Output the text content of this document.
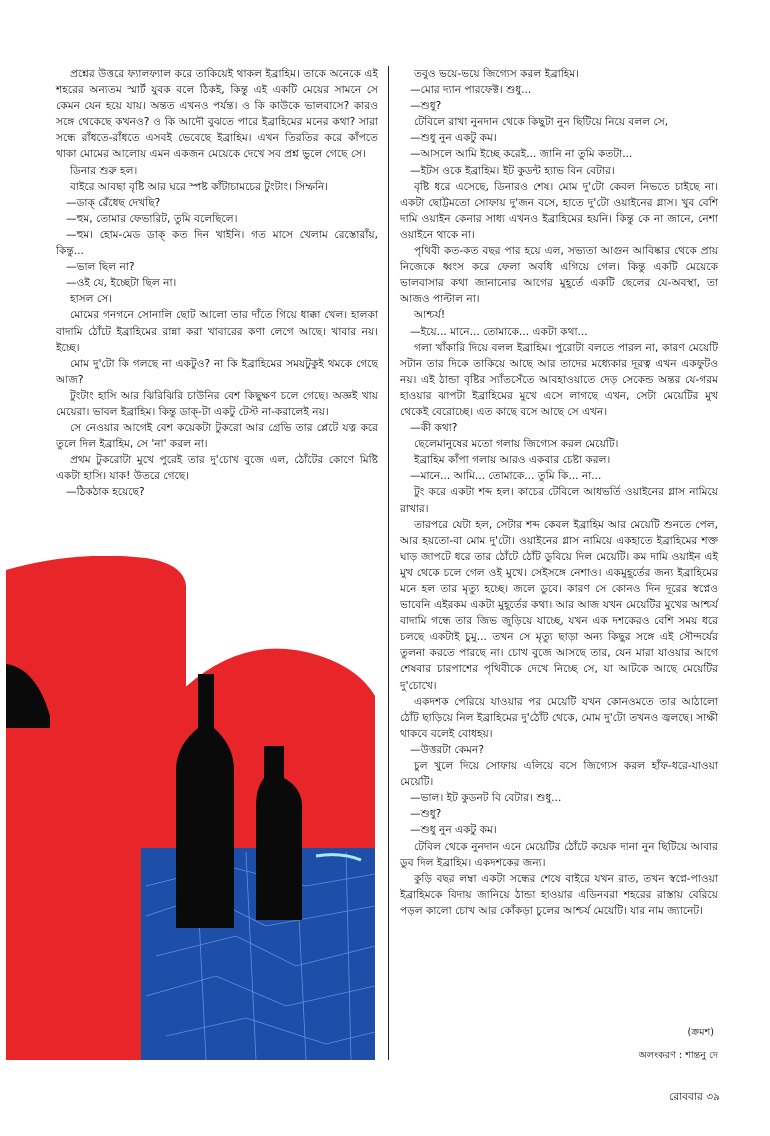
প্রশ্নের উত্তরে ফ্যালফ্যাল করে তাকিয়েই থাকল ইব্রাহিম। তাকে অনেকে এই শহরের অন্যতম স্মার্ট যুবক বলে ঠিকই, কিন্তু এই একটি মেয়ের সামনে সে কেমন যেন হয়ে যায়। অন্তত এখনও পর্যন্ত। ও কি কাউকে ভালবাসে? কারও সঙ্গে থেকেছে কখনও? ও কি আদৌ বুঝতে পারে ইব্রাহিমের মনের কথা? সারা সন্ধে রাঁধতে-রাঁধতে এসবই ভেবেছে ইব্রাহিম। এখন তিরতির করে কাঁপতে থাকা মোমের আলোয় এমন একজন মেয়েকে দেখে সব প্রশ্ন ভুলে গেছে সে।

ডিনার শুরু হল।

বাইরে আবছা বৃষ্টি আর ঘরে স্পষ্ট কাঁটাচামচের টুংটাং। সিম্ফনি।

—ডাক্ রেঁধেছ দেখছি?

—হুম, তোমার ফেভারিট, তুমি বলেছিলে।

—হুম। হোম-মেড ডাক্ কত দিন খাইনি। গত মাসে খেলাম রেস্তোরাঁয়, কিন্তু...

—ভাল ছিল না?

—ওই যে, ইচ্ছেটা ছিল না।

হাসল সে।

মোমের গনগনে সোনালি ছোট আলো তার দাঁতে গিয়ে ধাক্কা খেল। হালকা বাদামি ঠোঁটে ইব্রাহিমের রান্না করা খাবারের কণা লেগে আছে। খাবার নয়। ইচ্ছে।

মোম দু'টো কি গলছে না একটুও? না কি ইব্রাহিমের সময়টুকুই থমকে গেছে আজ?

টুংটাং হাসি আর ঝিরিঝিরি চাউনির বেশ কিছুক্ষণ চলে গেছে। অজ্ঞই খায় মেয়েরা। ভাবল ইব্রাহিম। কিন্তু ডাক্-টা একটু টেস্ট না-করালেই নয়।

সে নেওয়ার আগেই বেশ কয়েকটা টুকরো আর গ্রেভি তার প্লেটে যত্ন করে তুলে দিল ইব্রাহিম, সে 'না' করল না।

প্রথম টুকরোটা মুখে পুরেই তার দু'চোখ বুজে এল, ঠোঁটের কোণে মিষ্টি একটা হাসি। যাক! উতরে গেছে।

—ঠিকঠাক হয়েছে?

তবুও ভয়ে-ভয়ে জিগ্যেস করল ইব্রাহিম।

—মোর দ্যান পারফেক্ট। শুধু...

—শুধু?

টেবিলে রাখা নুনদান থেকে কিছুটা নুন ছিটিয়ে নিয়ে বলল সে,

—শুধু নুন একটু কম।

—আসলে আমি ইচ্ছে করেই... জানি না তুমি কতটা...

—ইটস ওকে ইব্রাহিম। ইট কুডন্ট হ্যাভ বিন বেটার।

বৃষ্টি ধরে এসেছে, ডিনারও শেষ। মোম দু'টো কেবল নিভতে চাইছে না। একটা ছোট্টমতো সোফায় দু'জন বসে, হাতে দু'টো ওয়াইনের গ্লাস। খুব বেশি দামি ওয়াইন কেনার সাধ্য এখনও ইব্রাহিমের হয়নি। কিন্তু কে না জানে, নেশা ওয়াইনে থাকে না।

পৃথিবী কত-কত বছর পার হয়ে এল, সভ্যতা আগুন আবিষ্কার থেকে প্রায় নিজেকে ধ্বংস করে ফেলা অবধি এগিয়ে গেল। কিন্তু একটি মেয়েকে ভালবাসার কথা জানানোর আগের মুহূর্তে একটি ছেলের যে-অবস্থা, তা আজও পাল্টাল না।

আশ্চর্য!

—ইয়ে... মানে... তোমাকে... একটা কথা...

গলা খাঁকারি দিয়ে বলল ইব্রাহিম। পুরোটা বলতে পারল না, কারণ মেয়েটি সটান তার দিকে তাকিয়ে আছে আর তাদের মধ্যেকার দূরত্ব এখন একফুটও নয়। এই ঠান্ডা বৃষ্টির স্যাঁতসেঁতে আবহাওয়াতে দেড় সেকেন্ড অন্তর যে-গরম হাওয়ার ঝাপটা ইব্রাহিমের মুখে এসে লাগছে এখন, সেটা মেয়েটির মুখ থেকেই বেরোচ্ছে। এত কাছে বসে আছে সে এখন।

—কী কথা?

ছেলেমানুষের মতো গলায় জিগ্যেস করল মেয়েটি।

ইব্রাহিম কাঁপা গলায় আরও একবার চেষ্টা করল।

—মানে... আমি... তোমাকে... তুমি কি... না...

টুং করে একটা শব্দ হল। কাচের টেবিলে আধভর্তি ওয়াইনের গ্লাস নামিয়ে রাখার।

তারপরে যেটা হল, সেটার শব্দ কেবল ইব্রাহিম আর মেয়েটি শুনতে পেল, আর হয়তো-বা মোম দু'টো। ওয়াইনের গ্লাস নামিয়ে একহাতে ইব্রাহিমের শক্ত ঘাড় জাপটে ধরে তার ঠোঁটে ঠোঁট ডুবিয়ে দিল মেয়েটি। কম দামি ওয়াইন এই মুখ থেকে চলে গেল ওই মুখে। সেইসঙ্গে নেশাও। একমুহূর্তের জন্য ইব্রাহিমের মনে হল তার মৃত্যু হচ্ছে। জলে ডুবে। কারণ সে কোনও দিন দূরের স্বপ্নেও ভাবেনি এইরকম একটা মুহূর্তের কথা। আর আজ যখন মেয়েটির মুখের আশ্চর্য বাদামি গন্ধে তার জিভ জুড়িয়ে যাচ্ছে, যখন এক দশকেরও বেশি সময় ধরে চলছে একটাই চুমু... তখন সে মৃত্যু ছাড়া অন্য কিছুর সঙ্গে এই সৌন্দর্যের তুলনা করতে পারছে না। চোখ বুজে আসছে তার, যেন মারা যাওয়ার আগে শেষবার চারপাশের পৃথিবীকে দেখে নিচ্ছে সে, যা আটকে আছে মেয়েটির দু'চোখে।

একদশক পেরিয়ে যাওয়ার পর মেয়েটি যখন কোনওমতে তার আঠালো ঠোঁট ছাড়িয়ে নিল ইব্রাহিমের দু'ঠোঁট থেকে, মোম দু'টো তখনও জ্বলছে। সাক্ষী থাকবে বলেই বোধহয়।

—উত্তরটা কেমন?

চুল খুলে দিয়ে সোফায় এলিয়ে বসে জিগ্যেস করল হাঁফ-ধরে-যাওয়া মেয়েটি।

—ভাল। ইট কুডনট বি বেটার। শুধু...

—শুধু?

—শুধু নুন একটু কম।

টেবিল থেকে নুনদান এনে মেয়েটির ঠোঁটে কয়েক দানা নুন ছিটিয়ে আবার ডুব দিল ইব্রাহিম। একদশকের জন্য।

কুড়ি বছর লম্বা একটা সন্ধের শেষে বাইরে যখন রাত, তখন স্বপ্নে-পাওয়া ইব্রাহিমকে বিদায় জানিয়ে ঠান্ডা হাওয়ার এডিনবরা শহরের রাস্তায় বেরিয়ে পড়ল কালো চোখ আর কোঁকড়া চুলের আশ্চর্য মেয়েটি। যার নাম জ্যানেট।

(ক্রমশ)
অলংকরণ : শান্তনু দে
রোববার ৩৯
